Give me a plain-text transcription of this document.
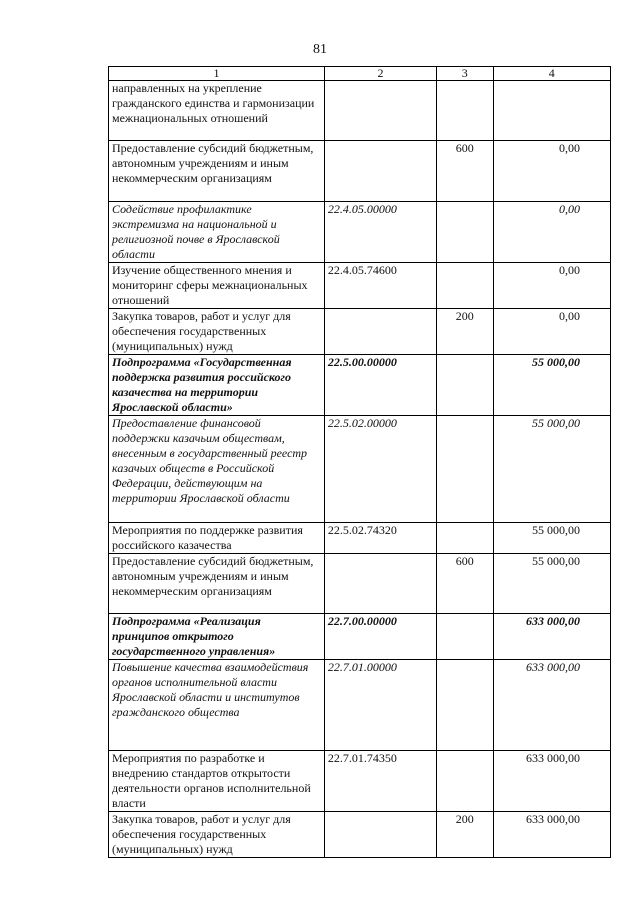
81
1	2	3	4
направленных на укрепление гражданского единства и гармонизации межнациональных отношений			
Предоставление субсидий бюджетным, автономным учреждениям и иным некоммерческим организациям		600	0,00
Содействие профилактике экстремизма на национальной и религиозной почве в Ярославской области	22.4.05.00000		0,00
Изучение общественного мнения и мониторинг сферы межнациональных отношений	22.4.05.74600		0,00
Закупка товаров, работ и услуг для обеспечения государственных (муниципальных) нужд		200	0,00
Подпрограмма «Государственная поддержка развития российского казачества на территории Ярославской области»	22.5.00.00000		55 000,00
Предоставление финансовой поддержки казачьим обществам, внесенным в государственный реестр казачьих обществ в Российской Федерации, действующим на территории Ярославской области	22.5.02.00000		55 000,00
Мероприятия по поддержке развития российского казачества	22.5.02.74320		55 000,00
Предоставление субсидий бюджетным, автономным учреждениям и иным некоммерческим организациям		600	55 000,00
Подпрограмма «Реализация принципов открытого государственного управления»	22.7.00.00000		633 000,00
Повышение качества взаимодействия органов исполнительной власти Ярославской области и институтов гражданского общества	22.7.01.00000		633 000,00
Мероприятия по разработке и внедрению стандартов открытости деятельности органов исполнительной власти	22.7.01.74350		633 000,00
Закупка товаров, работ и услуг для обеспечения государственных (муниципальных) нужд		200	633 000,00
